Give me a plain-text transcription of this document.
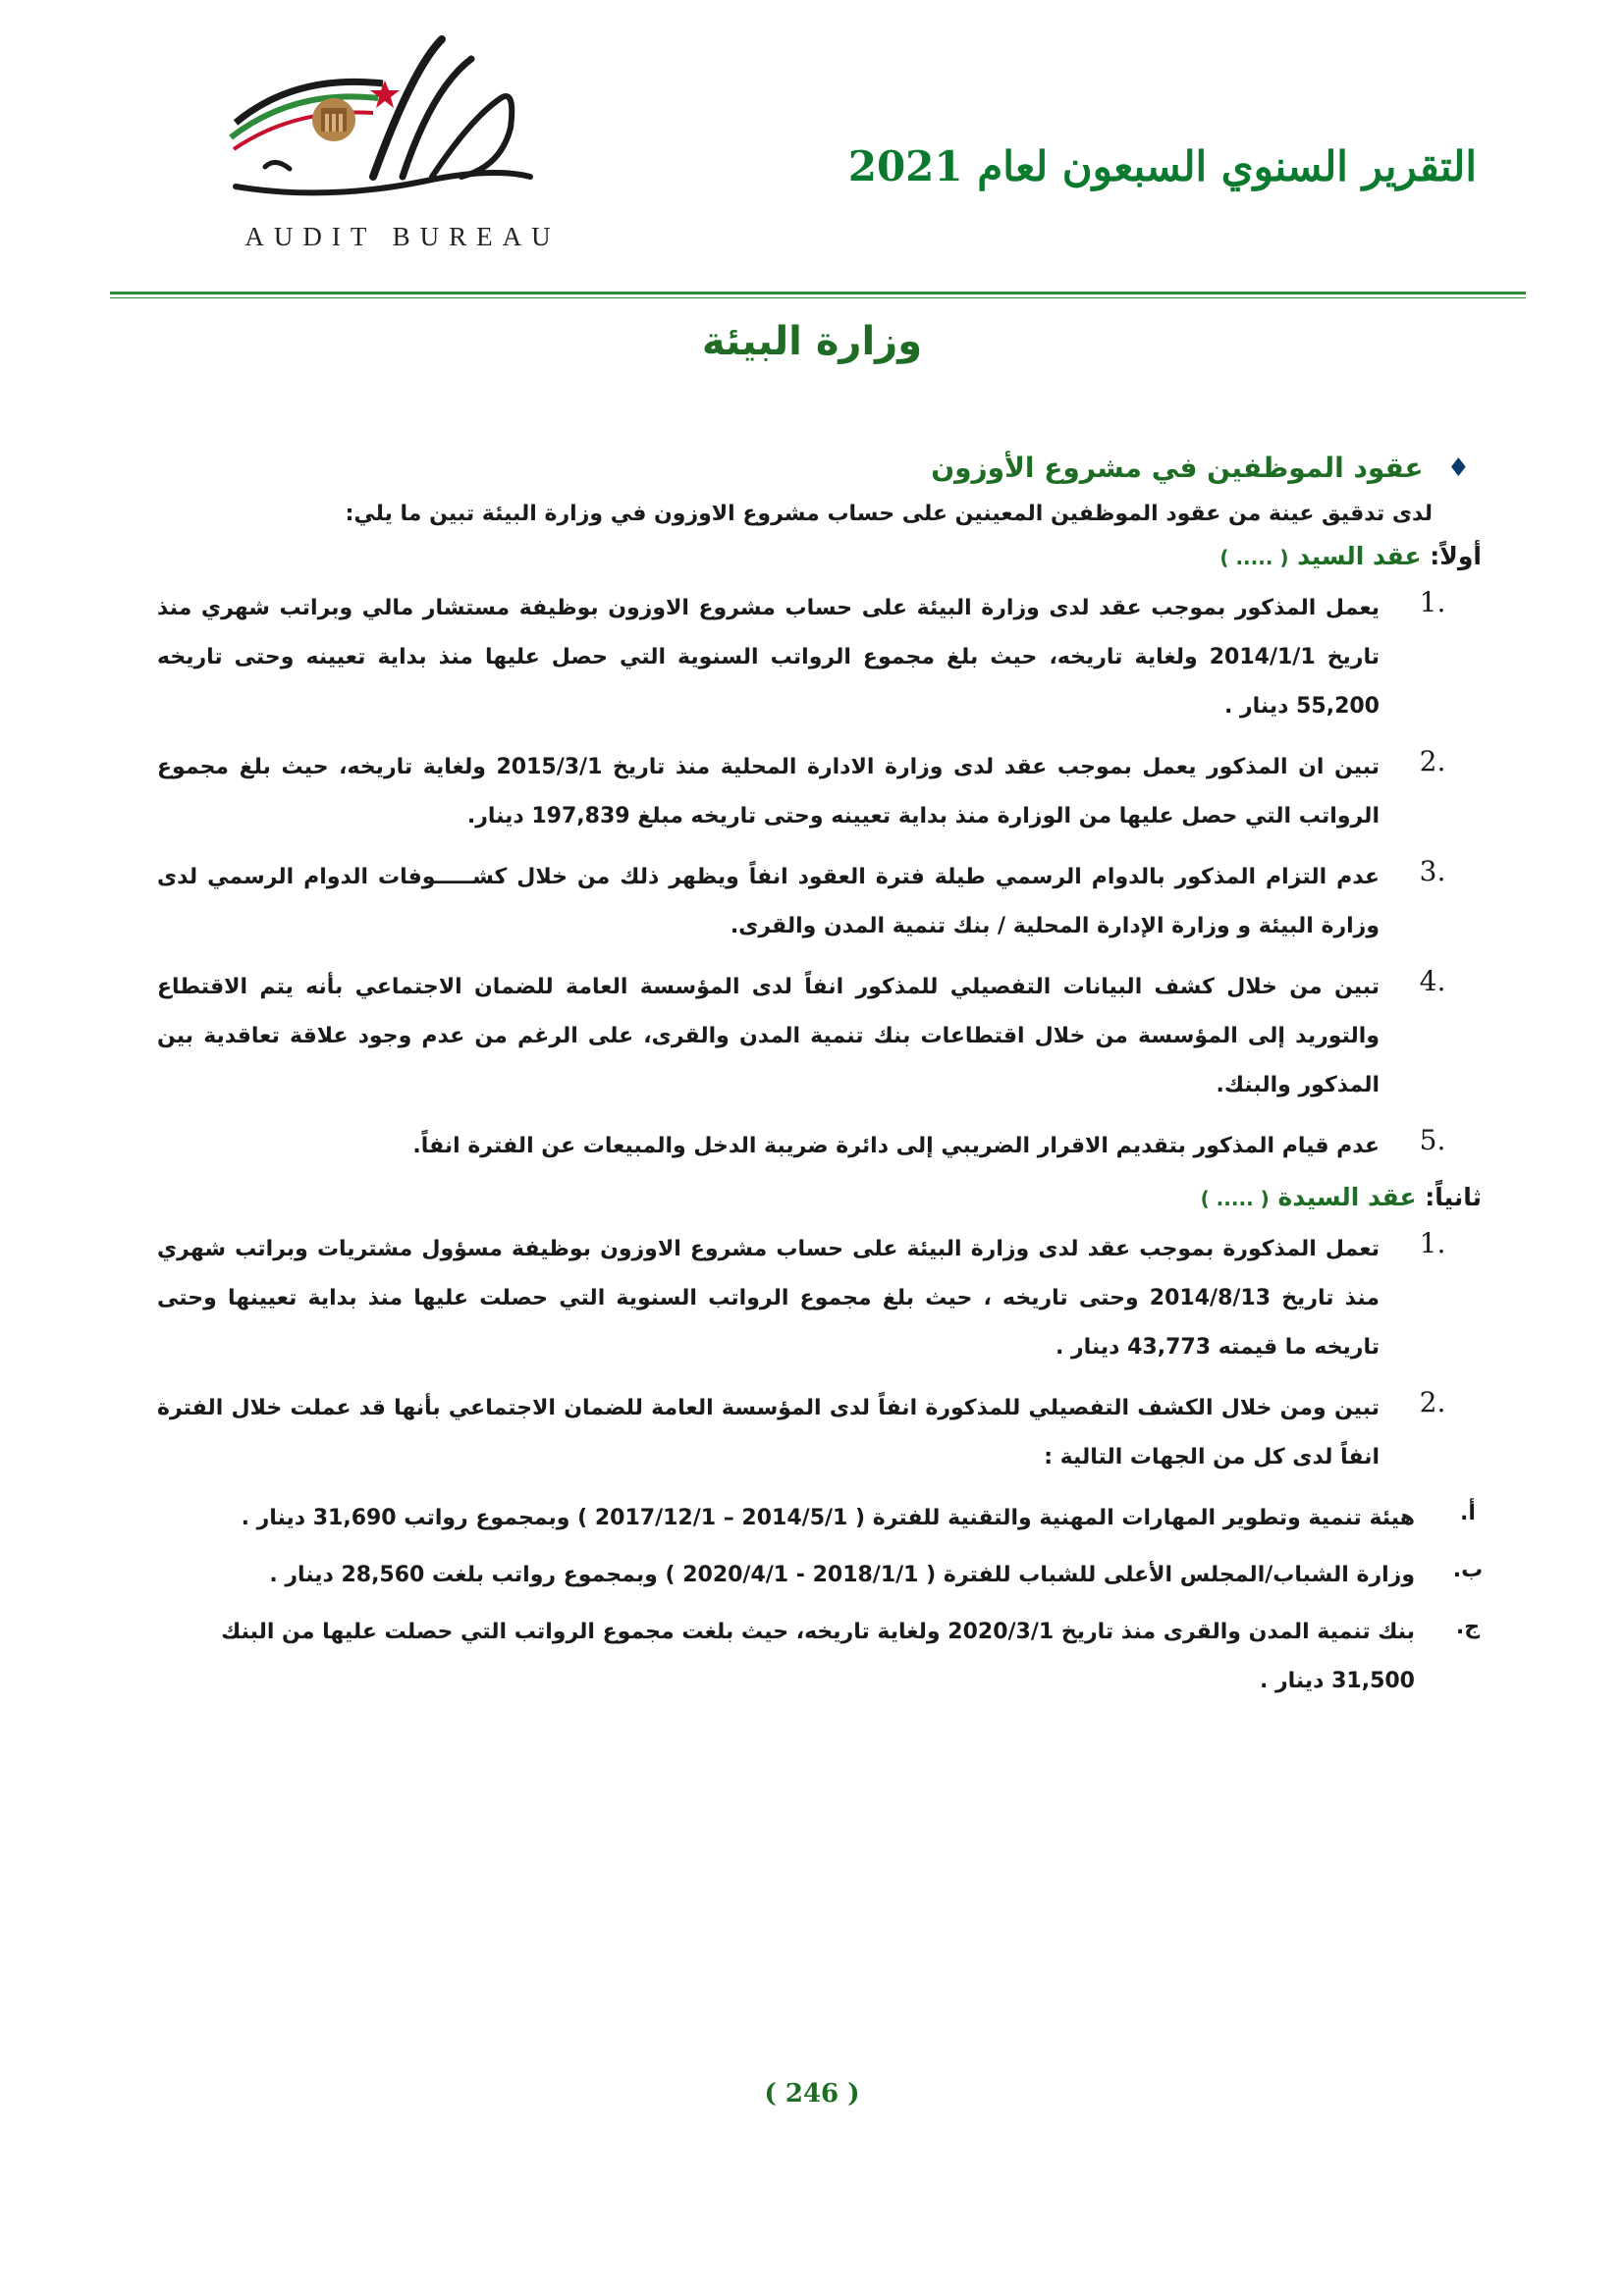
AUDIT BUREAU
التقرير السنوي السبعون لعام 2021
وزارة البيئة
♦
عقود الموظفين في مشروع الأوزون
لدى تدقيق عينة من عقود الموظفين المعينين على حساب مشروع الاوزون في وزارة البيئة تبين ما يلي:
أولاً: عقد السيد ( ..... )
.1
يعمل المذكور بموجب عقد لدى وزارة البيئة على حساب مشروع الاوزون بوظيفة مستشار مالي وبراتب شهري منذ تاريخ 2014/1/1 ولغاية تاريخه، حيث بلغ مجموع الرواتب السنوية التي حصل عليها منذ بداية تعيينه وحتى تاريخه 55,200 دينار .
.2
تبين ان المذكور يعمل بموجب عقد لدى وزارة الادارة المحلية منذ تاريخ 2015/3/1 ولغاية تاريخه، حيث بلغ مجموع الرواتب التي حصل عليها من الوزارة منذ بداية تعيينه وحتى تاريخه مبلغ 197,839 دينار.
.3
عدم التزام المذكور بالدوام الرسمي طيلة فترة العقود انفاً ويظهر ذلك من خلال كشـــــوفات الدوام الرسمي لدى وزارة البيئة و وزارة الإدارة المحلية / بنك تنمية المدن والقرى.
.4
تبين من خلال كشف البيانات التفصيلي للمذكور انفاً لدى المؤسسة العامة للضمان الاجتماعي بأنه يتم الاقتطاع والتوريد إلى المؤسسة من خلال اقتطاعات بنك تنمية المدن والقرى، على الرغم من عدم وجود علاقة تعاقدية بين المذكور والبنك.
.5
عدم قيام المذكور بتقديم الاقرار الضريبي إلى دائرة ضريبة الدخل والمبيعات عن الفترة انفاً.
ثانياً: عقد السيدة ( ..... )
.1
تعمل المذكورة بموجب عقد لدى وزارة البيئة على حساب مشروع الاوزون بوظيفة مسؤول مشتريات وبراتب شهري منذ تاريخ 2014/8/13 وحتى تاريخه ، حيث بلغ مجموع الرواتب السنوية التي حصلت عليها منذ بداية تعيينها وحتى تاريخه ما قيمته 43,773 دينار .
.2
تبين ومن خلال الكشف التفصيلي للمذكورة انفاً لدى المؤسسة العامة للضمان الاجتماعي بأنها قد عملت خلال الفترة انفاً لدى كل من الجهات التالية :
أ.
هيئة تنمية وتطوير المهارات المهنية والتقنية للفترة ( 2014/5/1 – 2017/12/1 ) وبمجموع رواتب 31,690 دينار .
ب.
وزارة الشباب/المجلس الأعلى للشباب للفترة ( 2018/1/1 - 2020/4/1 ) وبمجموع رواتب بلغت 28,560 دينار .
ج.
بنك تنمية المدن والقرى منذ تاريخ 2020/3/1 ولغاية تاريخه، حيث بلغت مجموع الرواتب التي حصلت عليها من البنك 31,500 دينار .
( 246 )
